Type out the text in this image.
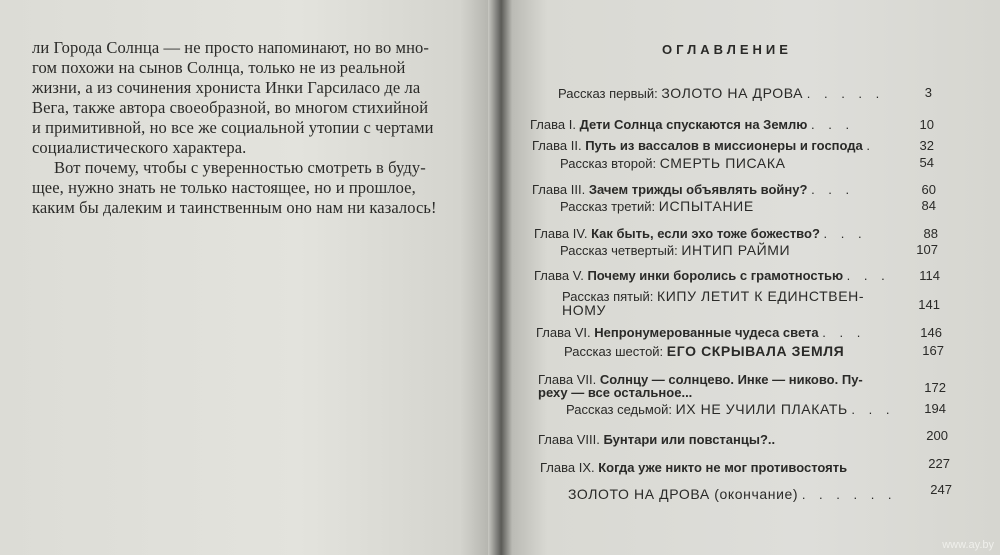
ли Города Солнца — не просто напоминают, но во мно-
гом похожи на сынов Солнца, только не из реальной
жизни, а из сочинения хрониста Инки Гарсиласо де ла
Вега, также автора своеобразной, во многом стихийной
и примитивной, но все же социальной утопии с чертами
социалистического характера.
Вот почему, чтобы с уверенностью смотреть в буду-
щее, нужно знать не только настоящее, но и прошлое,
каким бы далеким и таинственным оно нам ни казалось!
ОГЛАВЛЕНИЕ
Рассказ первый: ЗОЛОТО НА ДРОВА . . . . .	3
Глава I. Дети Солнца спускаются на Землю . . .	10
Глава II. Путь из вассалов в миссионеры и господа .	32
Рассказ второй: СМЕРТЬ ПИСАКА	54
Глава III. Зачем трижды объявлять войну? . . .	60
Рассказ третий: ИСПЫТАНИЕ	84
Глава IV. Как быть, если эхо тоже божество? . . .	88
Рассказ четвертый: ИНТИП РАЙМИ	107
Глава V. Почему инки боролись с грамотностью . . .	114
Рассказ пятый: КИПУ ЛЕТИТ К ЕДИНСТВЕН-
НОМУ	141
Глава VI. Непронумерованные чудеса света . . .	146
Рассказ шестой: ЕГО СКРЫВАЛА ЗЕМЛЯ	167
Глава VII. Солнцу — солнцево. Инке — никово. Пу-
реху — все остальное...	172
Рассказ седьмой: ИХ НЕ УЧИЛИ ПЛАКАТЬ . . .	194
Глава VIII. Бунтари или повстанцы?..	200
Глава IX. Когда уже никто не мог противостоять	227
ЗОЛОТО НА ДРОВА (окончание) . . . . . .	247
www.ay.by
